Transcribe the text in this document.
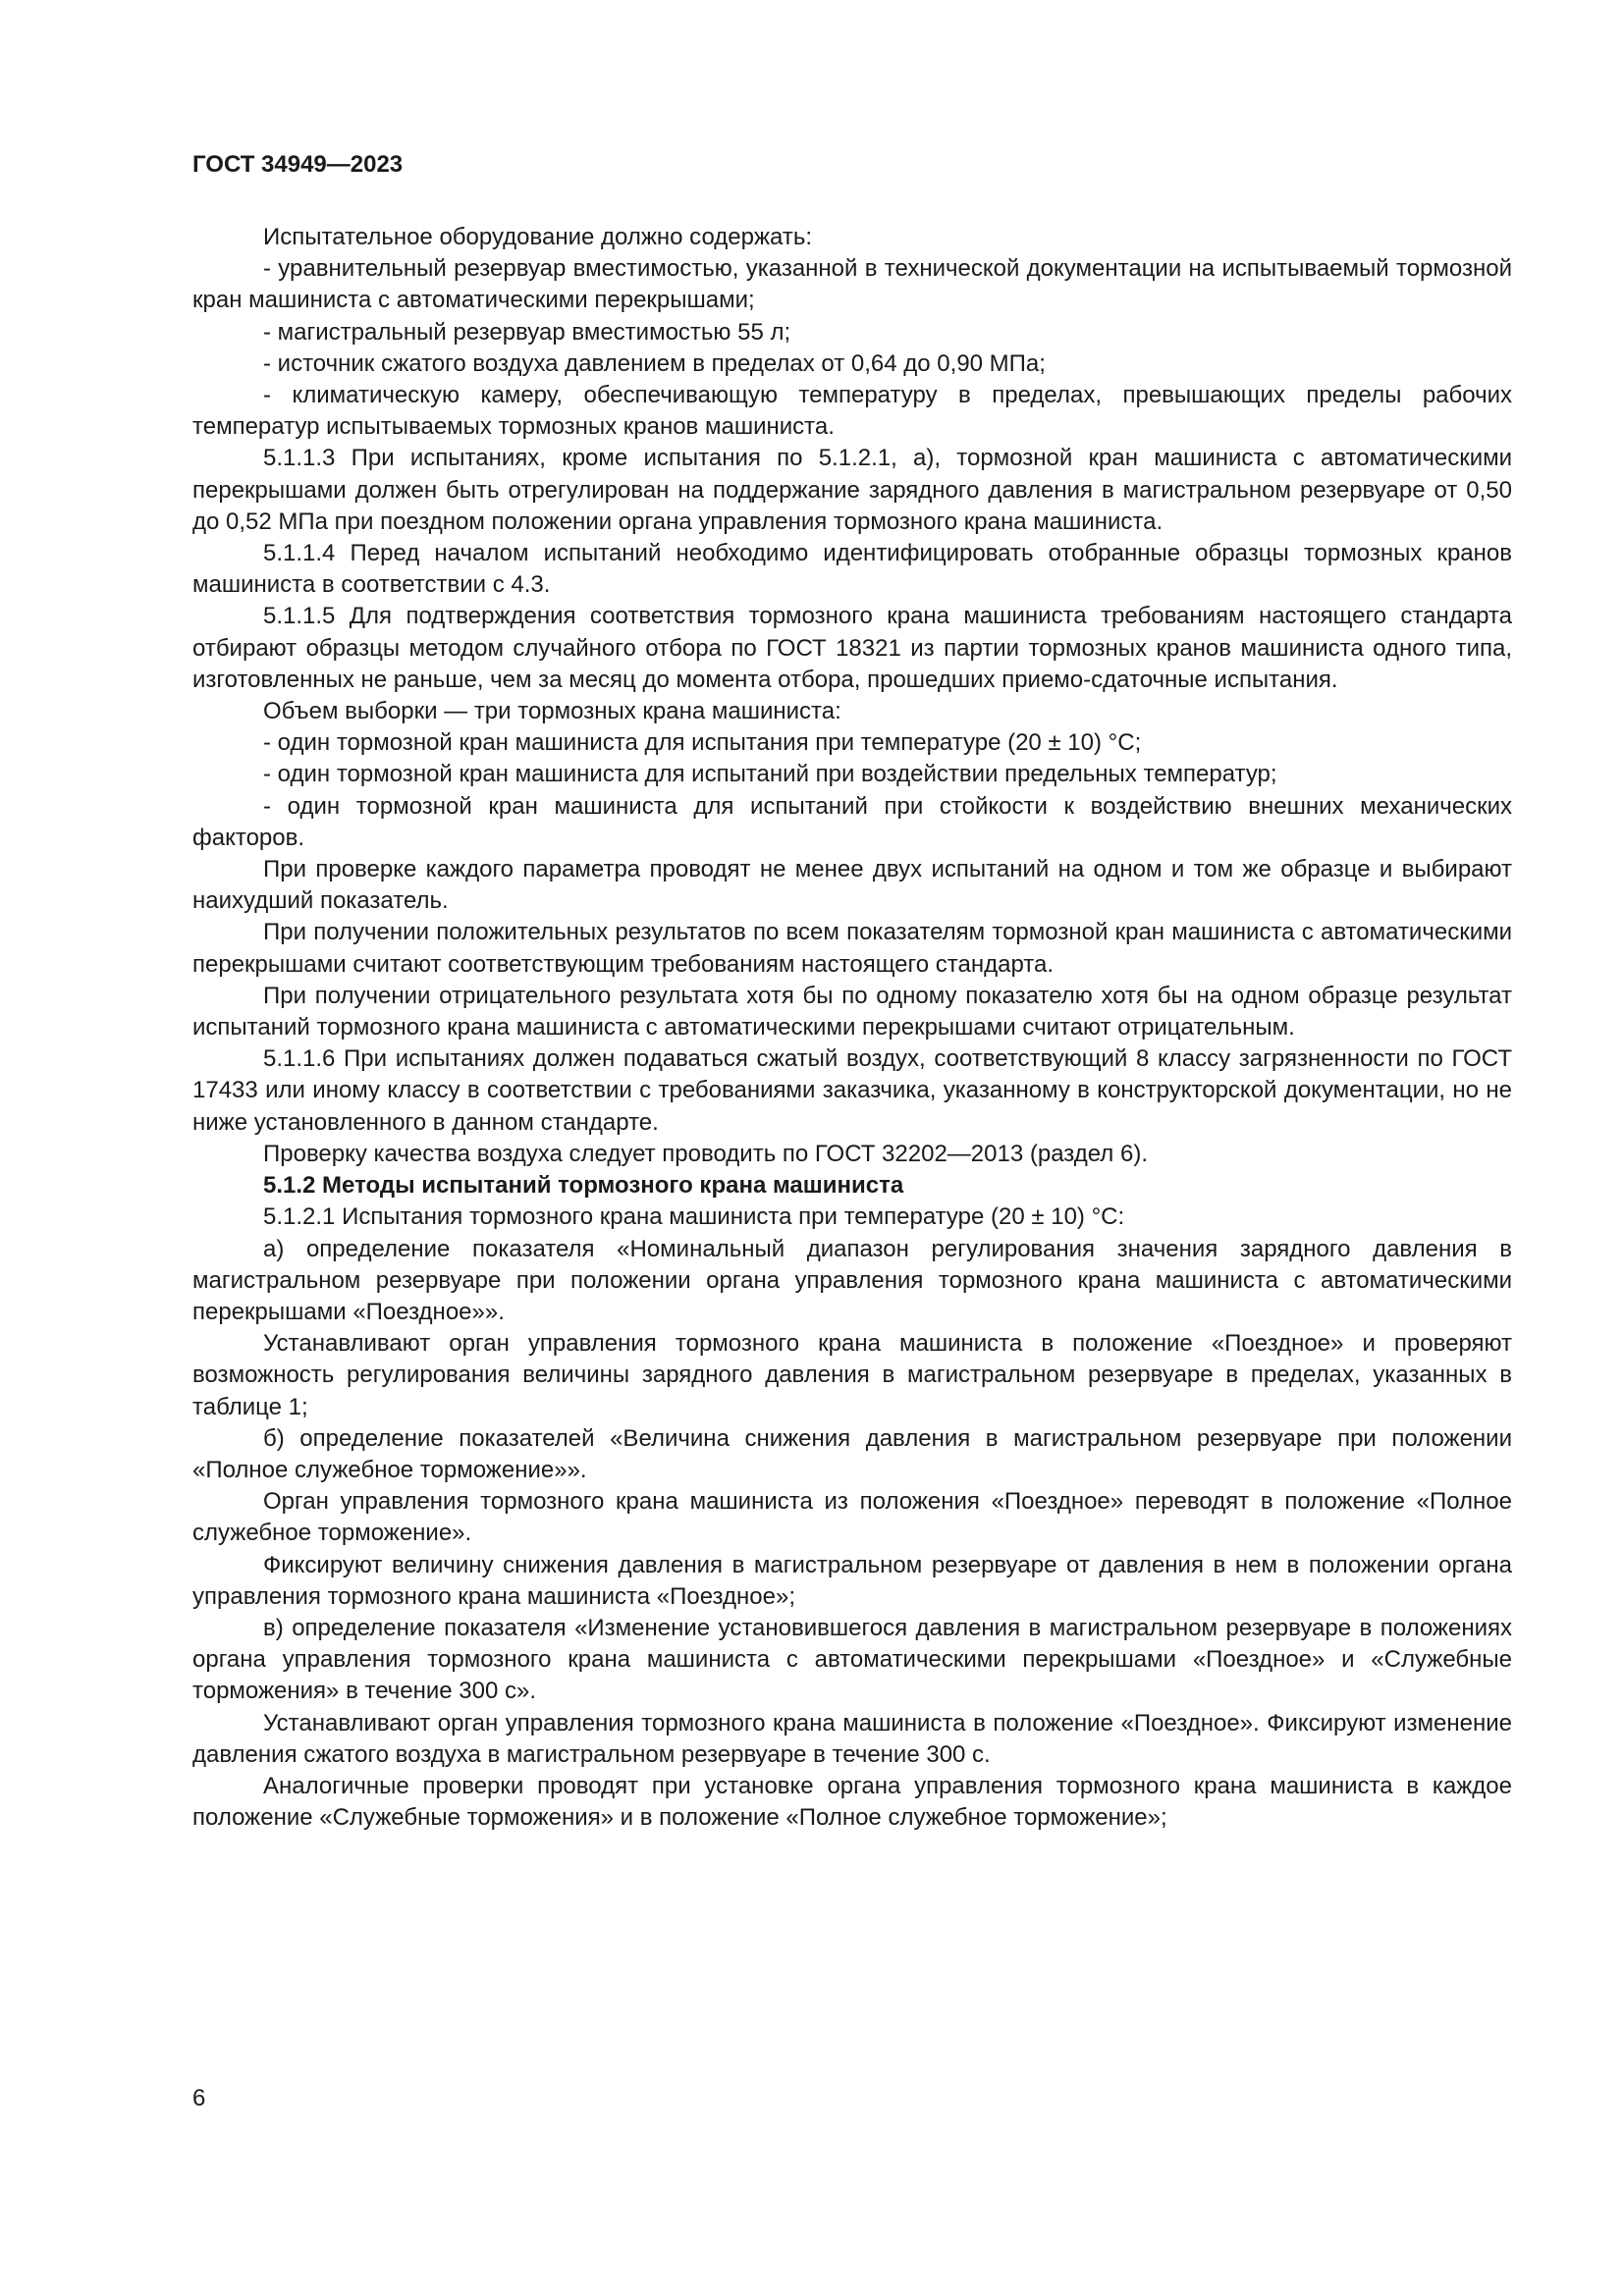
ГОСТ 34949—2023

Испытательное оборудование должно содержать:

- уравнительный резервуар вместимостью, указанной в технической документации на испытываемый тормозной кран машиниста с автоматическими перекрышами;

- магистральный резервуар вместимостью 55 л;

- источник сжатого воздуха давлением в пределах от 0,64 до 0,90 МПа;

- климатическую камеру, обеспечивающую температуру в пределах, превышающих пределы рабочих температур испытываемых тормозных кранов машиниста.

5.1.1.3 При испытаниях, кроме испытания по 5.1.2.1, а), тормозной кран машиниста с автоматическими перекрышами должен быть отрегулирован на поддержание зарядного давления в магистральном резервуаре от 0,50 до 0,52 МПа при поездном положении органа управления тормозного крана машиниста.

5.1.1.4 Перед началом испытаний необходимо идентифицировать отобранные образцы тормозных кранов машиниста в соответствии с 4.3.

5.1.1.5 Для подтверждения соответствия тормозного крана машиниста требованиям настоящего стандарта отбирают образцы методом случайного отбора по ГОСТ 18321 из партии тормозных кранов машиниста одного типа, изготовленных не раньше, чем за месяц до момента отбора, прошедших приемо-сдаточные испытания.

Объем выборки — три тормозных крана машиниста:

- один тормозной кран машиниста для испытания при температуре (20 ± 10) °С;

- один тормозной кран машиниста для испытаний при воздействии предельных температур;

- один тормозной кран машиниста для испытаний при стойкости к воздействию внешних механических факторов.

При проверке каждого параметра проводят не менее двух испытаний на одном и том же образце и выбирают наихудший показатель.

При получении положительных результатов по всем показателям тормозной кран машиниста с автоматическими перекрышами считают соответствующим требованиям настоящего стандарта.

При получении отрицательного результата хотя бы по одному показателю хотя бы на одном образце результат испытаний тормозного крана машиниста с автоматическими перекрышами считают отрицательным.

5.1.1.6 При испытаниях должен подаваться сжатый воздух, соответствующий 8 классу загрязненности по ГОСТ 17433 или иному классу в соответствии с требованиями заказчика, указанному в конструкторской документации, но не ниже установленного в данном стандарте.

Проверку качества воздуха следует проводить по ГОСТ 32202—2013 (раздел 6).

5.1.2 Методы испытаний тормозного крана машиниста

5.1.2.1 Испытания тормозного крана машиниста при температуре (20 ± 10) °С:

а) определение показателя «Номинальный диапазон регулирования значения зарядного давления в магистральном резервуаре при положении органа управления тормозного крана машиниста с автоматическими перекрышами «Поездное»».

Устанавливают орган управления тормозного крана машиниста в положение «Поездное» и проверяют возможность регулирования величины зарядного давления в магистральном резервуаре в пределах, указанных в таблице 1;

б) определение показателей «Величина снижения давления в магистральном резервуаре при положении «Полное служебное торможение»».

Орган управления тормозного крана машиниста из положения «Поездное» переводят в положение «Полное служебное торможение».

Фиксируют величину снижения давления в магистральном резервуаре от давления в нем в положении органа управления тормозного крана машиниста «Поездное»;

в) определение показателя «Изменение установившегося давления в магистральном резервуаре в положениях органа управления тормозного крана машиниста с автоматическими перекрышами «Поездное» и «Служебные торможения» в течение 300 с».

Устанавливают орган управления тормозного крана машиниста в положение «Поездное». Фиксируют изменение давления сжатого воздуха в магистральном резервуаре в течение 300 с.

Аналогичные проверки проводят при установке органа управления тормозного крана машиниста в каждое положение «Служебные торможения» и в положение «Полное служебное торможение»;

6
